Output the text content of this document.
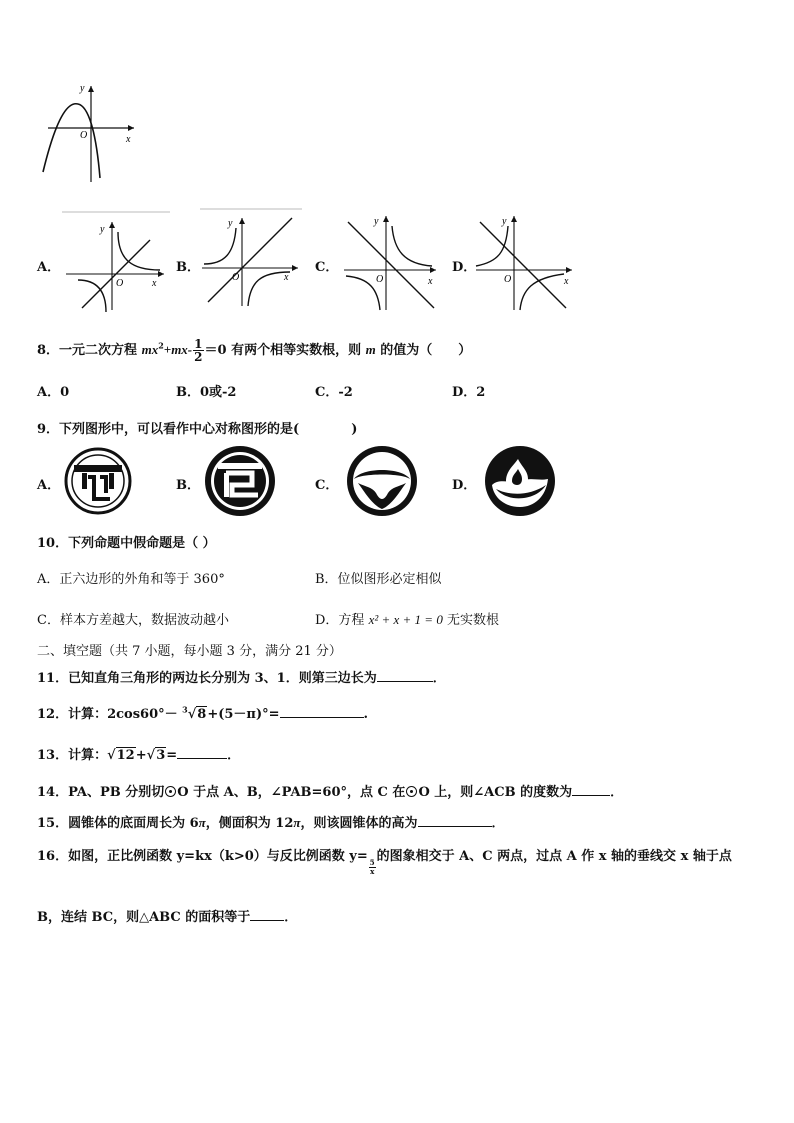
y
x
O
A．
y
x
O
B．
y
x
O
C．
y
x
O
D．
y
x
O
8．一元二次方程 $mx^2+mx- \frac{1}{2} =0$ 有两个相等实数根，则 m 的值为（　　）
A．0	B．0或-2	C．-2	D．2
9．下列图形中，可以看作中心对称图形的是(　　　　)
A．	B．	C．	D．
10．下列命题中假命题是（ ）
A．正六边形的外角和等于 360°	B．位似图形必定相似
C．样本方差越大，数据波动越小	D．方程 x² + x + 1 = 0 无实数根
二、填空题（共 7 小题，每小题 3 分，满分 21 分）
11．已知直角三角形的两边长分别为 3、1．则第三边长为	．
12．计算：2cos60°－ $^3$√8+(5－π)°=	.
13．计算：√12+√3=	．
14．PA、PB 分别切 O 于点 A、B，∠PAB=60°，点 C 在 O 上，则∠ACB 的度数为	．
15．圆锥体的底面周长为 6π，侧面积为 12π，则该圆锥体的高为	．
16．如图，正比例函数 y=kx（k>0）与反比例函数 y=
$\frac{5}{x}$
的图象相交于 A、C 两点，过点 A 作 x 轴的垂线交 x 轴于点
B，连结 BC，则△ABC 的面积等于	．
